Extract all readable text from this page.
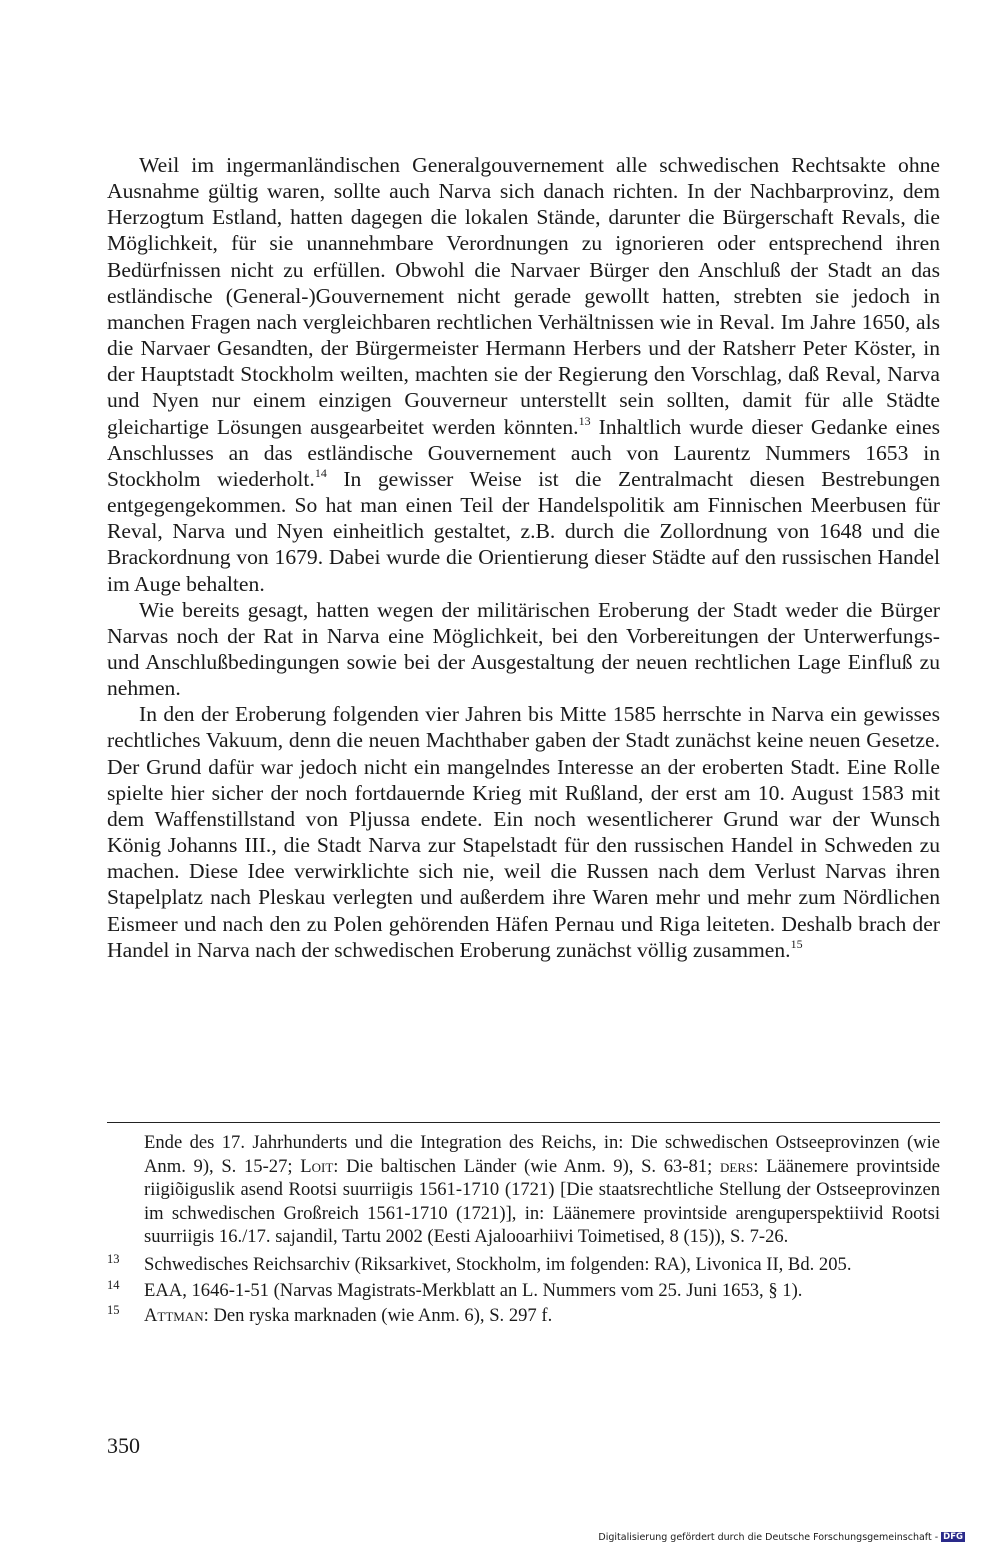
Weil im ingermanländischen Generalgouvernement alle schwedischen Rechtsakte ohne Ausnahme gültig waren, sollte auch Narva sich danach richten. In der Nachbarprovinz, dem Herzogtum Estland, hatten dagegen die lokalen Stände, darunter die Bürgerschaft Revals, die Möglichkeit, für sie unannehmbare Verordnungen zu ignorieren oder entsprechend ihren Bedürfnissen nicht zu erfüllen. Obwohl die Narvaer Bürger den Anschluß der Stadt an das estländische (General-)Gouvernement nicht gerade gewollt hatten, strebten sie jedoch in manchen Fragen nach vergleichbaren rechtlichen Verhältnissen wie in Reval. Im Jahre 1650, als die Narvaer Gesandten, der Bürgermeister Hermann Herbers und der Ratsherr Peter Köster, in der Hauptstadt Stockholm weilten, machten sie der Regierung den Vorschlag, daß Reval, Narva und Nyen nur einem einzigen Gouverneur unterstellt sein sollten, damit für alle Städte gleichartige Lösungen ausgearbeitet werden könnten.$^{13}$ Inhaltlich wurde dieser Gedanke eines Anschlusses an das estländische Gouvernement auch von Laurentz Nummers 1653 in Stockholm wiederholt.$^{14}$ In gewisser Weise ist die Zentralmacht diesen Bestrebungen entgegengekommen. So hat man einen Teil der Handelspolitik am Finnischen Meerbusen für Reval, Narva und Nyen einheitlich gestaltet, z.B. durch die Zollordnung von 1648 und die Brackordnung von 1679. Dabei wurde die Orientierung dieser Städte auf den russischen Handel im Auge behalten.

Wie bereits gesagt, hatten wegen der militärischen Eroberung der Stadt weder die Bürger Narvas noch der Rat in Narva eine Möglichkeit, bei den Vorbereitungen der Unterwerfungs- und Anschlußbedingungen sowie bei der Ausgestaltung der neuen rechtlichen Lage Einfluß zu nehmen.

In den der Eroberung folgenden vier Jahren bis Mitte 1585 herrschte in Narva ein gewisses rechtliches Vakuum, denn die neuen Machthaber gaben der Stadt zunächst keine neuen Gesetze. Der Grund dafür war jedoch nicht ein mangelndes Interesse an der eroberten Stadt. Eine Rolle spielte hier sicher der noch fortdauernde Krieg mit Rußland, der erst am 10. August 1583 mit dem Waffenstillstand von Pljussa endete. Ein noch wesentlicherer Grund war der Wunsch König Johanns III., die Stadt Narva zur Stapelstadt für den russischen Handel in Schweden zu machen. Diese Idee verwirklichte sich nie, weil die Russen nach dem Verlust Narvas ihren Stapelplatz nach Pleskau verlegten und außerdem ihre Waren mehr und mehr zum Nördlichen Eismeer und nach den zu Polen gehörenden Häfen Pernau und Riga leiteten. Deshalb brach der Handel in Narva nach der schwedischen Eroberung zunächst völlig zusammen.$^{15}$

Ende des 17. Jahrhunderts und die Integration des Reichs, in: Die schwedischen Ostseeprovinzen (wie Anm. 9), S. 15-27; Loit: Die baltischen Länder (wie Anm. 9), S. 63-81; ders: Läänemere provintside riigiõiguslik asend Rootsi suurriigis 1561-1710 (1721) [Die staatsrechtliche Stellung der Ostseeprovinzen im schwedischen Großreich 1561-1710 (1721)], in: Läänemere provintside arenguperspektiivid Rootsi suurriigis 16./17. sajandil, Tartu 2002 (Eesti Ajalooarhiivi Toimetised, 8 (15)), S. 7-26.
13 Schwedisches Reichsarchiv (Riksarkivet, Stockholm, im folgenden: RA), Livonica II, Bd. 205.
14 EAA, 1646-1-51 (Narvas Magistrats-Merkblatt an L. Nummers vom 25. Juni 1653, § 1).
15 Attman: Den ryska marknaden (wie Anm. 6), S. 297 f.
350
Digitalisierung gefördert durch die Deutsche Forschungsgemeinschaft - DFG
